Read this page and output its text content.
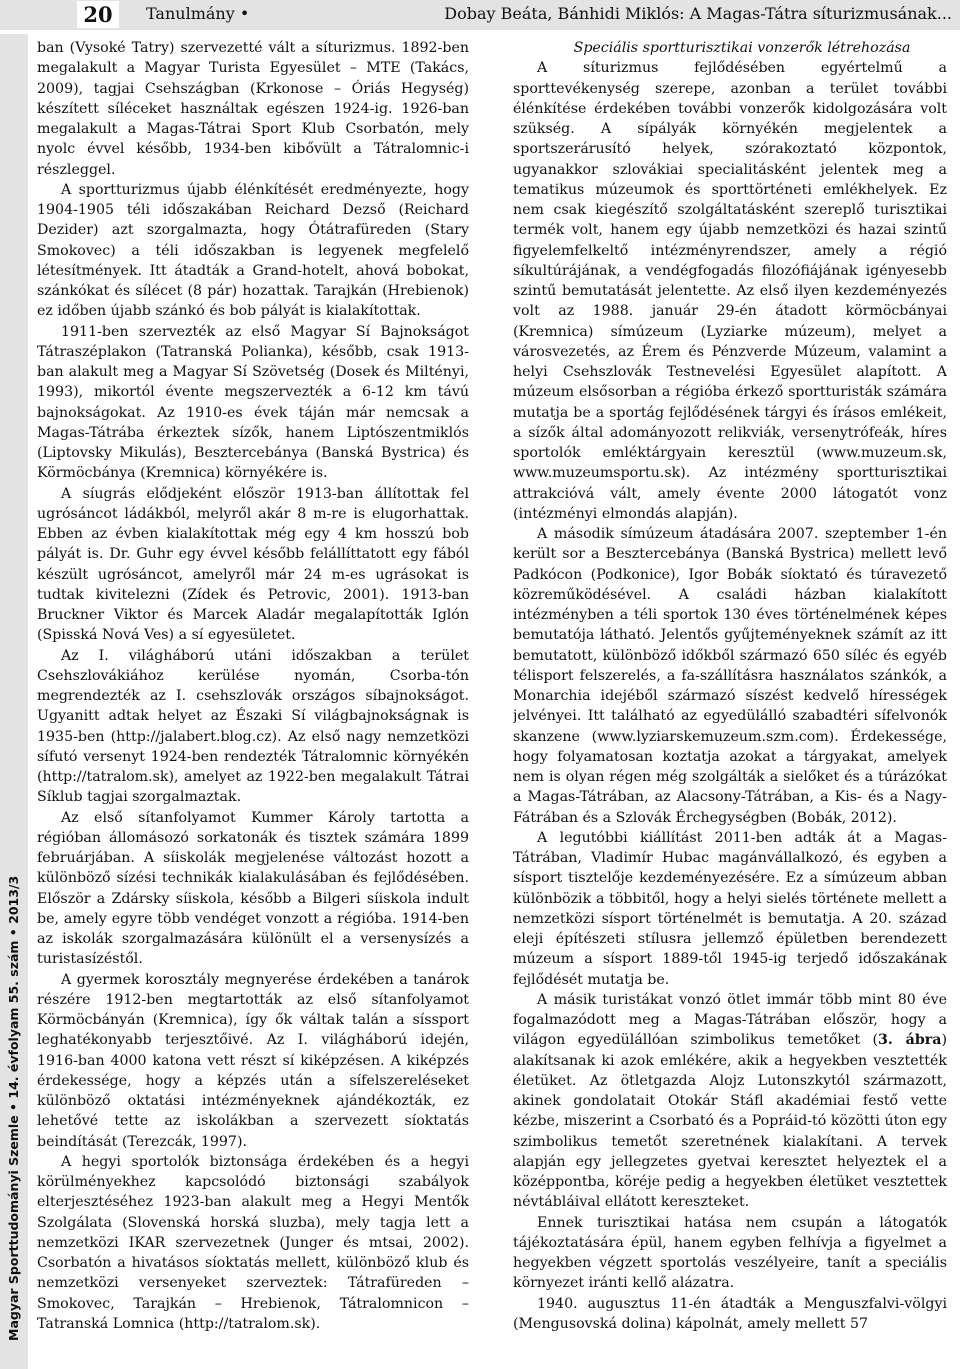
20	Tanulmány •	Dobay Beáta, Bánhidi Miklós: A Magas-Tátra síturizmusának...
Magyar Sporttudományi Szemle • 14. évfolyam 55. szám • 2013/3

ban (Vysoké Tatry) szervezetté vált a síturizmus. 1892-ben megalakult a Magyar Turista Egyesület – MTE (Takács, 2009), tagjai Csehszágban (Krkonose – Óriás Hegység) készített síléceket használtak egészen 1924-ig. 1926-ban megalakult a Magas-Tátrai Sport Klub Csorbatón, mely nyolc évvel később, 1934-ben kibővült a Tátralomnic-i részleggel.

A sportturizmus újabb élénkítését eredményezte, hogy 1904-1905 téli időszakában Reichard Dezső (Reichard Dezider) azt szorgalmazta, hogy Ótátrafüreden (Stary Smokovec) a téli időszakban is legyenek megfelelő létesítmények. Itt átadták a Grand-hotelt, ahová bobokat, szánkókat és sílécet (8 pár) hozattak. Tarajkán (Hrebienok) ez időben újabb szánkó és bob pályát is kialakítottak.

1911-ben szervezték az első Magyar Sí Bajnokságot Tátraszéplakon (Tatranská Polianka), később, csak 1913-ban alakult meg a Magyar Sí Szövetség (Dosek és Miltényi, 1993), mikortól évente megszervezték a 6-12 km távú bajnokságokat. Az 1910-es évek táján már nemcsak a Magas-Tátrába érkeztek sízők, hanem Liptószentmiklós (Liptovsky Mikulás), Besztercebánya (Banská Bystrica) és Körmöcbánya (Kremnica) környékére is.

A síugrás elődjeként először 1913-ban állítottak fel ugrósáncot ládákból, melyről akár 8 m-re is elugorhattak. Ebben az évben kialakítottak még egy 4 km hosszú bob pályát is. Dr. Guhr egy évvel később felállíttatott egy fából készült ugrósáncot, amelyről már 24 m-es ugrásokat is tudtak kivitelezni (Zídek és Petrovic, 2001). 1913-ban Bruckner Viktor és Marcek Aladár megalapították Iglón (Spisská Nová Ves) a sí egyesületet.

Az I. világháború utáni időszakban a terület Csehszlovákiához kerülése nyomán, Csorba-tón megrendezték az I. csehszlovák országos síbajnokságot. Ugyanitt adtak helyet az Északi Sí világbajnokságnak is 1935-ben (http://jalabert.blog.cz). Az első nagy nemzetközi sífutó versenyt 1924-ben rendezték Tátralomnic környékén (http://tatralom.sk), amelyet az 1922-ben megalakult Tátrai Síklub tagjai szorgalmaztak.

Az első sítanfolyamot Kummer Károly tartotta a régióban állomásozó sorkatonák és tisztek számára 1899 februárjában. A síiskolák megjelenése változást hozott a különböző sízési technikák kialakulásában és fejlődésében. Először a Zdársky síiskola, később a Bilgeri síiskola indult be, amely egyre több vendéget vonzott a régióba. 1914-ben az iskolák szorgalmazására különült el a versenysízés a turistasízéstől.

A gyermek korosztály megnyerése érdekében a tanárok részére 1912-ben megtartották az első sítanfolyamot Körmöcbányán (Kremnica), így ők váltak talán a síssport leghatékonyabb terjesztőivé. Az I. világháború idején, 1916-ban 4000 katona vett részt sí kiképzésen. A kiképzés érdekessége, hogy a képzés után a sífelszereléseket különböző oktatási intézményeknek ajándékozták, ez lehetővé tette az iskolákban a szervezett síoktatás beindítását (Terezcák, 1997).

A hegyi sportolók biztonsága érdekében és a hegyi körülményekhez kapcsolódó biztonsági szabályok elterjesztéséhez 1923-ban alakult meg a Hegyi Mentők Szolgálata (Slovenská horská sluzba), mely tagja lett a nemzetközi IKAR szervezetnek (Junger és mtsai, 2002). Csorbatón a hivatásos síoktatás mellett, különböző klub és nemzetközi versenyeket szerveztek: Tátrafüreden – Smokovec, Tarajkán – Hrebienok, Tátralomnicon – Tatranská Lomnica (http://tatralom.sk).

Speciális sportturisztikai vonzerők létrehozása

A síturizmus fejlődésében egyértelmű a sporttevékenység szerepe, azonban a terület további élénkítése érdekében további vonzerők kidolgozására volt szükség. A sípályák környékén megjelentek a sportszerárusító helyek, szórakoztató központok, ugyanakkor szlovákiai specialitásként jelentek meg a tematikus múzeumok és sporttörténeti emlékhelyek. Ez nem csak kiegészítő szolgáltatásként szereplő turisztikai termék volt, hanem egy újabb nemzetközi és hazai szintű figyelemfelkeltő intézményrendszer, amely a régió síkultúrájának, a vendégfogadás filozófiájának igényesebb szintű bemutatását jelentette. Az első ilyen kezdeményezés volt az 1988. január 29-én átadott körmöcbányai (Kremnica) símúzeum (Lyziarke múzeum), melyet a városvezetés, az Érem és Pénzverde Múzeum, valamint a helyi Csehszlovák Testnevelési Egyesület alapított. A múzeum elsősorban a régióba érkező sportturisták számára mutatja be a sportág fejlődésének tárgyi és írásos emlékeit, a sízők által adományozott relikviák, versenytrófeák, híres sportolók emléktárgyain keresztül (www.muzeum.sk, www.muzeumsportu.sk). Az intézmény sportturisztikai attrakcióvá vált, amely évente 2000 látogatót vonz (intézményi elmondás alapján).

A második símúzeum átadására 2007. szeptember 1-én került sor a Besztercebánya (Banská Bystrica) mellett levő Padkócon (Podkonice), Igor Bobák síoktató és túravezető közreműködésével. A családi házban kialakított intézményben a téli sportok 130 éves történelmének képes bemutatója látható. Jelentős gyűjteményeknek számít az itt bemutatott, különböző időkből származó 650 síléc és egyéb télisport felszerelés, a fa-szállításra használatos szánkók, a Monarchia idejéből származó síszést kedvelő hírességek jelvényei. Itt található az egyedülálló szabadtéri sífelvonók skanzene (www.lyziarskemuzeum.szm.com). Érdekessége, hogy folyamatosan koztatja azokat a tárgyakat, amelyek nem is olyan régen még szolgálták a sielőket és a túrázókat a Magas-Tátrában, az Alacsony-Tátrában, a Kis- és a Nagy-Fátrában és a Szlovák Érchegységben (Bobák, 2012).

A legutóbbi kiállítást 2011-ben adták át a Magas-Tátrában, Vladimír Hubac magánvállalkozó, és egyben a sísport tisztelője kezdeményezésére. Ez a símúzeum abban különbözik a többitől, hogy a helyi sielés története mellett a nemzetközi sísport történelmét is bemutatja. A 20. század eleji építészeti stílusra jellemző épületben berendezett múzeum a sísport 1889-től 1945-ig terjedő időszakának fejlődését mutatja be.

A másik turistákat vonzó ötlet immár több mint 80 éve fogalmazódott meg a Magas-Tátrában először, hogy a világon egyedülállóan szimbolikus temetőket (3. ábra) alakítsanak ki azok emlékére, akik a hegyekben vesztették életüket. Az ötletgazda Alojz Lutonszkytól származott, akinek gondolatait Otokár Stáfl akadémiai festő vette kézbe, miszerint a Csorbató és a Popráid-tó közötti úton egy szimbolikus temetőt szeretnének kialakítani. A tervek alapján egy jellegzetes gyetvai keresztet helyeztek el a középpontba, köréje pedig a hegyekben életüket vesztettek névtábláival ellátott kereszteket.

Ennek turisztikai hatása nem csupán a látogatók tájékoztatására épül, hanem egyben felhívja a figyelmet a hegyekben végzett sportolás veszélyeire, tanít a speciális környezet iránti kellő alázatra.

1940. augusztus 11-én átadták a Menguszfalvi-völgyi (Mengusovská dolina) kápolnát, amely mellett 57
